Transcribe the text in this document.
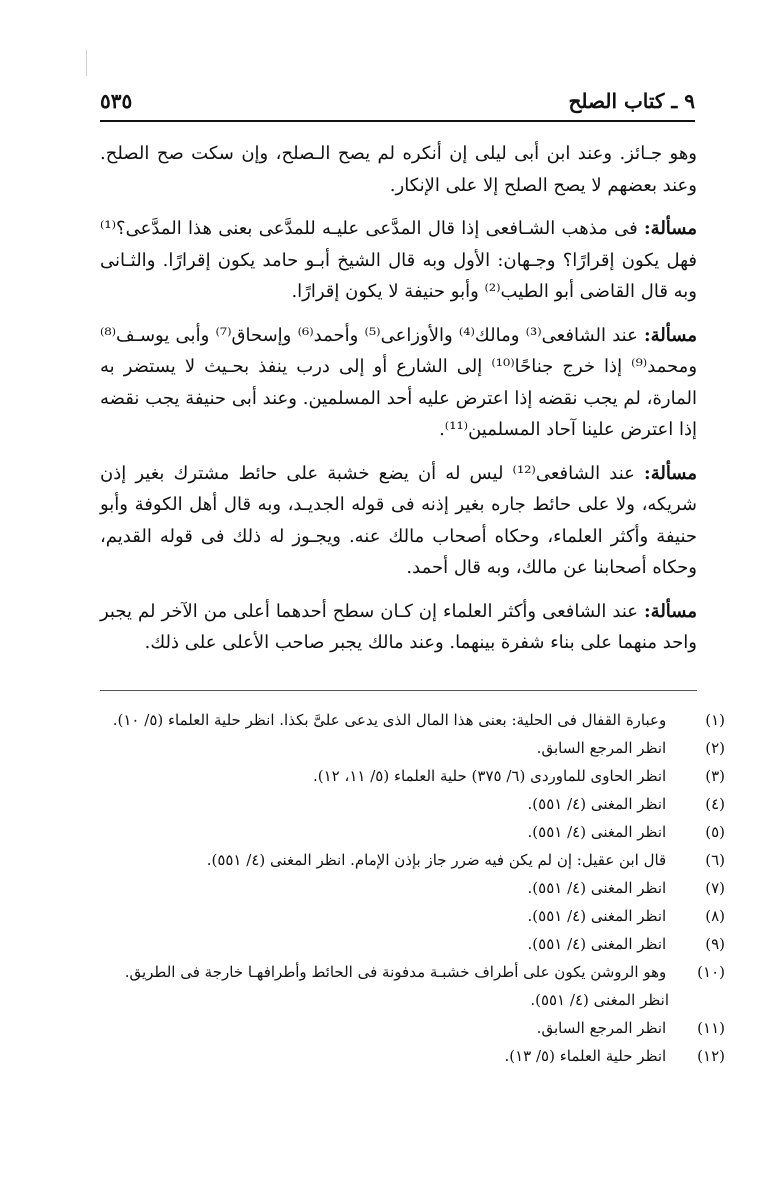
٩ ـ كتاب الصلح
٥٣٥

وهو جـائز. وعند ابن أبى ليلى إن أنكره لم يصح الـصلح، وإن سكت صح الصلح. وعند بعضهم لا يصح الصلح إلا على الإنكار.

مسألة: فى مذهب الشـافعى إذا قال المدَّعى عليـه للمدَّعى بعنى هذا المدَّعى؟⁽¹⁾ فهل يكون إقرارًا؟ وجـهان: الأول وبه قال الشيخ أبـو حامد يكون إقرارًا. والثـانى وبه قال القاضى أبو الطيب⁽²⁾ وأبو حنيفة لا يكون إقرارًا.

مسألة: عند الشافعى⁽³⁾ ومالك⁽⁴⁾ والأوزاعى⁽⁵⁾ وأحمد⁽⁶⁾ وإسحاق⁽⁷⁾ وأبى يوسـف⁽⁸⁾ ومحمد⁽⁹⁾ إذا خرج جناحًا⁽¹⁰⁾ إلى الشارع أو إلى درب ينفذ بحـيث لا يستضر به المارة، لم يجب نقضه إذا اعترض عليه أحد المسلمين. وعند أبى حنيفة يجب نقضه إذا اعترض علينا آحاد المسلمين⁽¹¹⁾.

مسألة: عند الشافعى⁽¹²⁾ ليس له أن يضع خشبة على حائط مشترك بغير إذن شريكه، ولا على حائط جاره بغير إذنه فى قوله الجديـد، وبه قال أهل الكوفة وأبو حنيفة وأكثر العلماء، وحكاه أصحاب مالك عنه. ويجـوز له ذلك فى قوله القديم، وحكاه أصحابنا عن مالك، وبه قال أحمد.

مسألة: عند الشافعى وأكثر العلماء إن كـان سطح أحدهما أعلى من الآخر لم يجبر واحد منهما على بناء شفرة بينهما. وعند مالك يجبر صاحب الأعلى على ذلك.

(١) وعبارة القفال فى الحلية: بعنى هذا المال الذى يدعى علىَّ بكذا. انظر حلية العلماء (٥/ ١٠).

(٢) انظر المرجع السابق.

(٣) انظر الحاوى للماوردى (٦/ ٣٧٥) حلية العلماء (٥/ ١١، ١٢).

(٤) انظر المغنى (٤/ ٥٥١).

(٥) انظر المغنى (٤/ ٥٥١).

(٦) قال ابن عقيل: إن لم يكن فيه ضرر جاز بإذن الإمام. انظر المغنى (٤/ ٥٥١).

(٧) انظر المغنى (٤/ ٥٥١).

(٨) انظر المغنى (٤/ ٥٥١).

(٩) انظر المغنى (٤/ ٥٥١).

(١٠) وهو الروشن يكون على أطراف خشبـة مدفونة فى الحائط وأطرافهـا خارجة فى الطريق. انظر المغنى (٤/ ٥٥١).

(١١) انظر المرجع السابق.

(١٢) انظر حلية العلماء (٥/ ١٣).
